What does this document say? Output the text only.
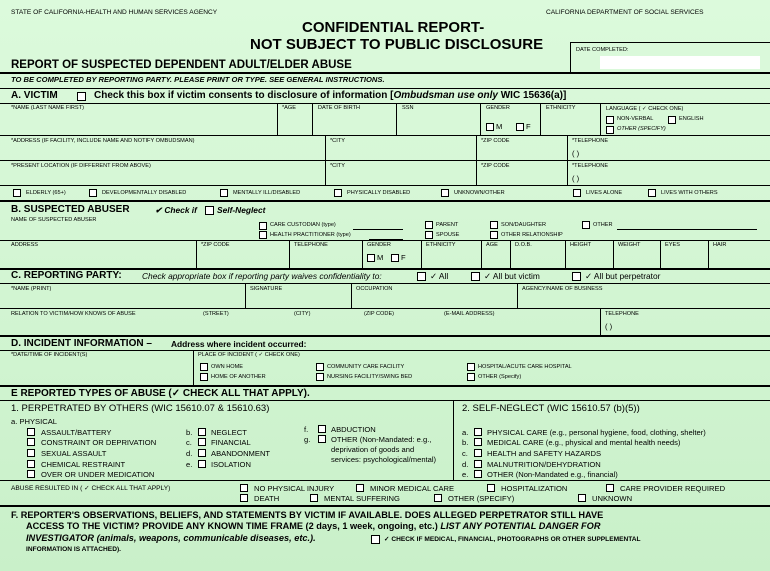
STATE OF CALIFORNIA-HEALTH AND HUMAN SERVICES AGENCY	CALIFORNIA DEPARTMENT OF SOCIAL SERVICES
CONFIDENTIAL REPORT-
NOT SUBJECT TO PUBLIC DISCLOSURE	DATE COMPLETED:
REPORT OF SUSPECTED DEPENDENT ADULT/ELDER ABUSE
TO BE COMPLETED BY REPORTING PARTY. PLEASE PRINT OR TYPE. SEE GENERAL INSTRUCTIONS.
A. VICTIM	Check this box if victim consents to disclosure of information [Ombudsman use only WIC 15636(a)]
*NAME (LAST NAME FIRST)	*AGE	DATE OF BIRTH	SSN	GENDER
M	F
ETHNICITY	LANGUAGE ( ✓ CHECK ONE)
NON-VERBAL	ENGLISH
OTHER (SPECIFY)
*ADDRESS (IF FACILITY, INCLUDE NAME AND NOTIFY OMBUDSMAN)	*CITY	*ZIP CODE	*TELEPHONE
( )
*PRESENT LOCATION (IF DIFFERENT FROM ABOVE)	*CITY	*ZIP CODE	*TELEPHONE
( )
ELDERLY (65+)	DEVELOPMENTALLY DISABLED	MENTALLY ILL/DISABLED	PHYSICALLY DISABLED	UNKNOWN/OTHER	LIVES ALONE	LIVES WITH OTHERS
B. SUSPECTED ABUSER	✔ Check if Self-Neglect
NAME OF SUSPECTED ABUSER
CARE CUSTODIAN (type)
HEALTH PRACTITIONER (type)
PARENT
SPOUSE
SON/DAUGHTER
OTHER RELATIONSHIP
OTHER
ADDRESS	*ZIP CODE	TELEPHONE	GENDER
M F
ETHNICITY	AGE	D.O.B.	HEIGHT	WEIGHT	EYES	HAIR
C. REPORTING PARTY: Check appropriate box if reporting party waives confidentiality to:	✓ All	✓ All but victim	✓ All but perpetrator
*NAME (PRINT)	SIGNATURE	OCCUPATION	AGENCY/NAME OF BUSINESS
RELATION TO VICTIM/HOW KNOWS OF ABUSE	(STREET)	(CITY)	(ZIP CODE)	(E-MAIL ADDRESS)	TELEPHONE
( )
D. INCIDENT INFORMATION – Address where incident occurred:
*DATE/TIME OF INCIDENT(S)	PLACE OF INCIDENT ( ✓ CHECK ONE)
OWN HOME
HOME OF ANOTHER
COMMUNITY CARE FACILITY
NURSING FACILITY/SWING BED
HOSPITAL/ACUTE CARE HOSPITAL
OTHER (Specify)
E REPORTED TYPES OF ABUSE (✓ CHECK ALL THAT APPLY).
1. PERPETRATED BY OTHERS (WIC 15610.07 & 15610.63)
a. PHYSICAL
ASSAULT/BATTERY
CONSTRAINT OR DEPRIVATION
SEXUAL ASSAULT
CHEMICAL RESTRAINT
OVER OR UNDER MEDICATION
b. NEGLECT
c.	FINANCIAL
d. ABANDONMENT
e. ISOLATION
f.	ABDUCTION
g.	OTHER (Non-Mandated: e.g.,
deprivation of goods and
services: psychological/mental)
2. SELF-NEGLECT (WIC 15610.57 (b)(5))
a. PHYSICAL CARE (e.g., personal hygiene, food, clothing, shelter)
b. MEDICAL CARE (e.g., physical and mental health needs)
c.	HEALTH and SAFETY HAZARDS
d. MALNUTRITION/DEHYDRATION
e. OTHER (Non-Mandated e.g., financial)
ABUSE RESULTED IN ( ✓ CHECK ALL THAT APPLY)	NO PHYSICAL INJURY
DEATH
MINOR MEDICAL CARE
MENTAL SUFFERING
HOSPITALIZATION
OTHER (SPECIFY)
CARE PROVIDER REQUIRED
UNKNOWN
F. REPORTER'S OBSERVATIONS, BELIEFS, AND STATEMENTS BY VICTIM IF AVAILABLE. DOES ALLEGED PERPETRATOR STILL HAVE
ACCESS TO THE VICTIM? PROVIDE ANY KNOWN TIME FRAME (2 days, 1 week, ongoing, etc.) LIST ANY POTENTIAL DANGER FOR
INVESTIGATOR (animals, weapons, communicable diseases, etc.).	✓ CHECK IF MEDICAL, FINANCIAL, PHOTOGRAPHS OR OTHER SUPPLEMENTAL
INFORMATION IS ATTACHED).
